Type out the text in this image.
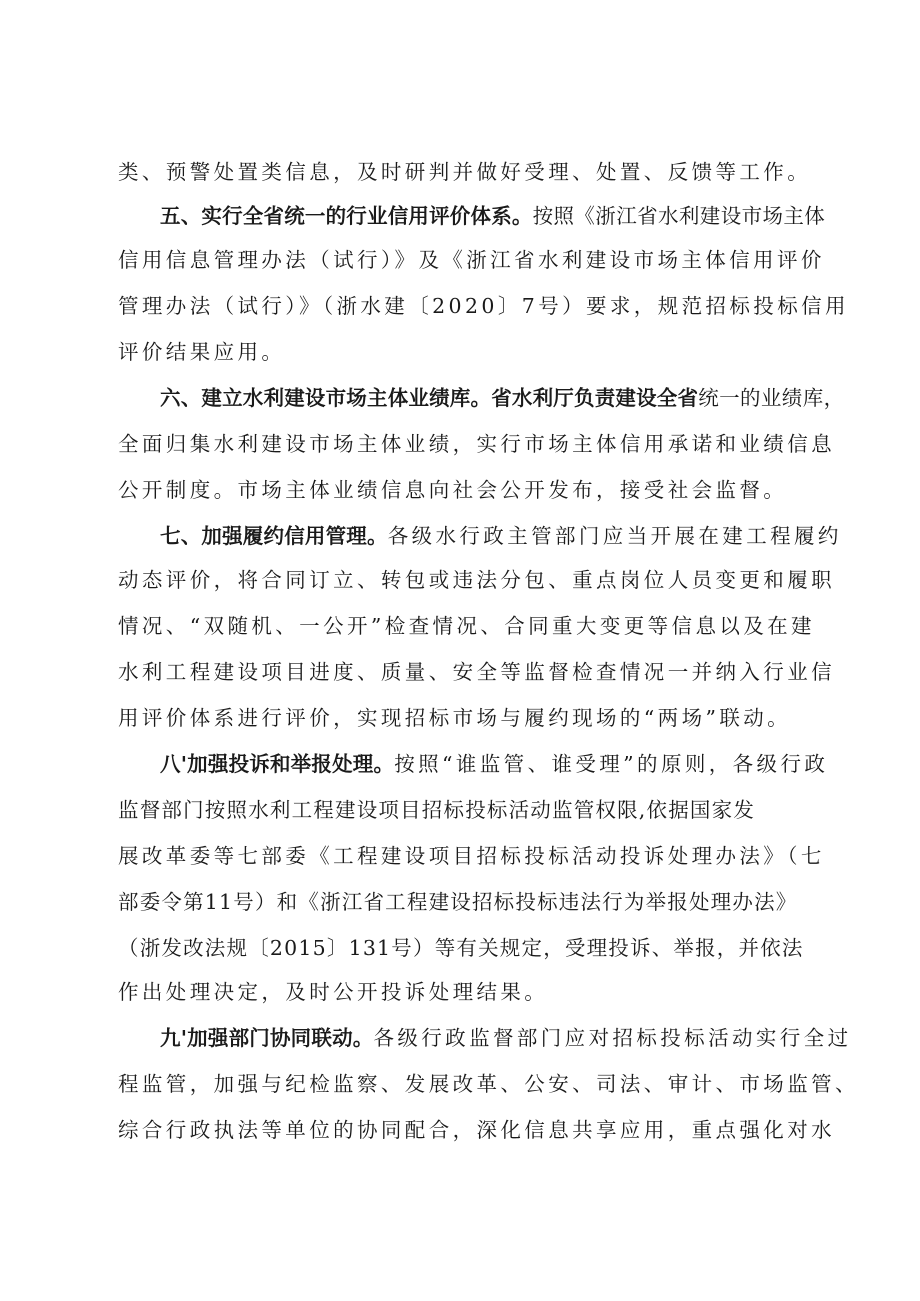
类、预警处置类信息，及时研判并做好受理、处置、反馈等工作。
五、实行全省统一的行业信用评价体系。按照《浙江省水利建设市场主体
信用信息管理办法（试行）》及《浙江省水利建设市场主体信用评价
管理办法（试行）》（浙水建〔2020〕7号）要求，规范招标投标信用
评价结果应用。
六、建立水利建设市场主体业绩库。省水利厅负责建设全省统一的业绩库，
全面归集水利建设市场主体业绩，实行市场主体信用承诺和业绩信息
公开制度。市场主体业绩信息向社会公开发布，接受社会监督。
七、加强履约信用管理。各级水行政主管部门应当开展在建工程履约
动态评价，将合同订立、转包或违法分包、重点岗位人员变更和履职
情况、“双随机、一公开”检查情况、合同重大变更等信息以及在建
水利工程建设项目进度、质量、安全等监督检查情况一并纳入行业信
用评价体系进行评价，实现招标市场与履约现场的“两场”联动。
八'加强投诉和举报处理。按照“谁监管、谁受理”的原则，各级行政
监督部门按照水利工程建设项目招标投标活动监管权限,依据国家发
展改革委等七部委《工程建设项目招标投标活动投诉处理办法》（七
部委令第11号）和《浙江省工程建设招标投标违法行为举报处理办法》
（浙发改法规〔2015〕131号）等有关规定，受理投诉、举报，并依法
作出处理决定，及时公开投诉处理结果。
九'加强部门协同联动。各级行政监督部门应对招标投标活动实行全过
程监管，加强与纪检监察、发展改革、公安、司法、审计、市场监管、
综合行政执法等单位的协同配合，深化信息共享应用，重点强化对水
